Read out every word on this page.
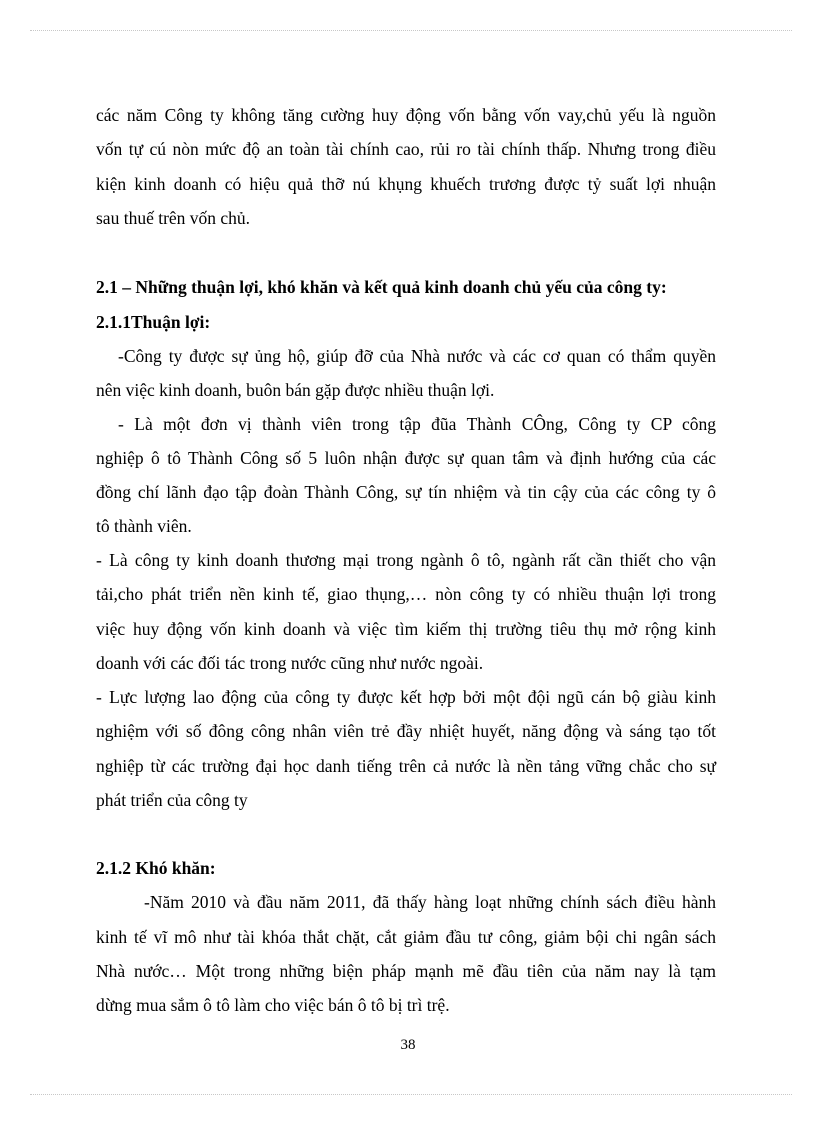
các năm Công ty không tăng cường huy động vốn bằng vốn vay,chủ yếu là nguồn
vốn tự cú nòn mức độ an toàn tài chính cao, rủi ro tài chính thấp. Nhưng trong điều
kiện kinh doanh có hiệu quả thỡ nú khụng khuếch trương được tỷ suất lợi nhuận
sau thuế trên vốn chủ.
2.1 – Những thuận lợi, khó khăn và kết quả kinh doanh chủ yếu của công ty:
2.1.1Thuận lợi:
-Công ty được sự ủng hộ, giúp đỡ của Nhà nước và các cơ quan có thẩm quyền
nên việc kinh doanh, buôn bán gặp được nhiều thuận lợi.
- Là một đơn vị thành viên trong tập đũa Thành CÔng, Công ty CP công
nghiệp ô tô Thành Công số 5 luôn nhận được sự quan tâm và định hướng của các
đồng chí lãnh đạo tập đoàn Thành Công, sự tín nhiệm và tin cậy của các công ty ô
tô thành viên.
- Là công ty kinh doanh thương mại trong ngành ô tô, ngành rất cần thiết cho vận
tải,cho phát triển nền kinh tế, giao thụng,… nòn công ty có nhiều thuận lợi trong
việc huy động vốn kinh doanh và việc tìm kiếm thị trường tiêu thụ mở rộng kinh
doanh với các đối tác trong nước cũng như nước ngoài.
- Lực lượng lao động của công ty được kết hợp bởi một đội ngũ cán bộ giàu kinh
nghiệm với số đông công nhân viên trẻ đầy nhiệt huyết, năng động và sáng tạo tốt
nghiệp từ các trường đại học danh tiếng trên cả nước là nền tảng vững chắc cho sự
phát triển của công ty
2.1.2 Khó khăn:
-Năm 2010 và đầu năm 2011, đã thấy hàng loạt những chính sách điều hành
kinh tế vĩ mô như tài khóa thắt chặt, cắt giảm đầu tư công, giảm bội chi ngân sách
Nhà nước… Một trong những biện pháp mạnh mẽ đầu tiên của năm nay là tạm
dừng mua sắm ô tô làm cho việc bán ô tô bị trì trệ.
38
